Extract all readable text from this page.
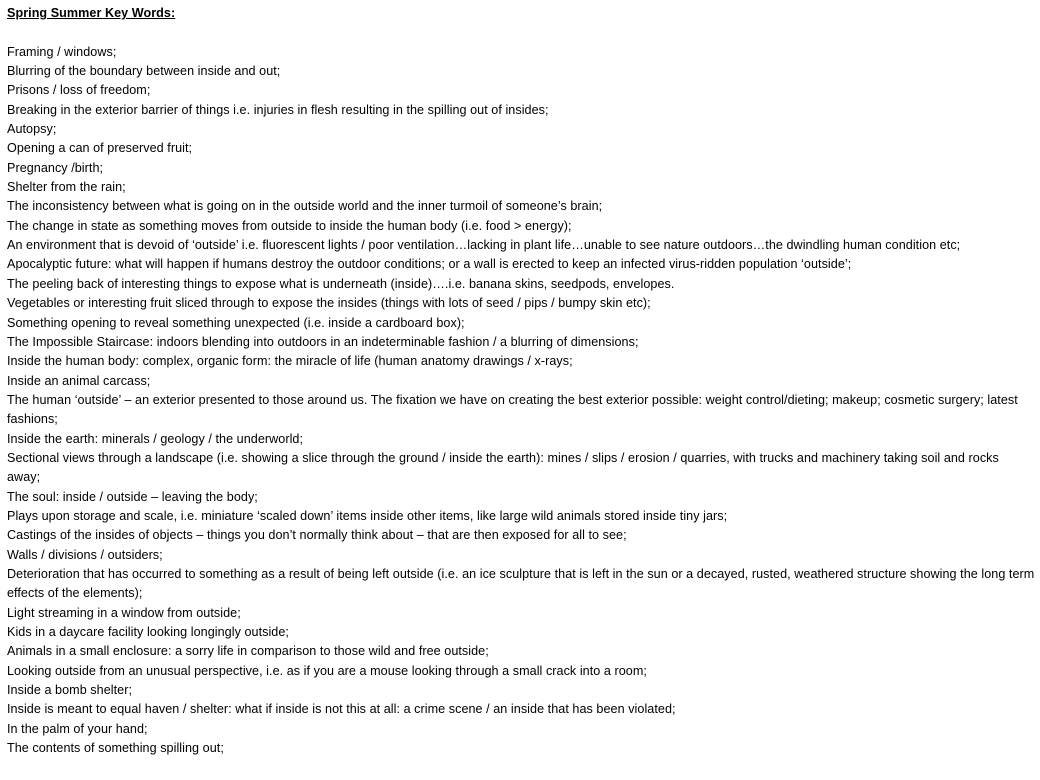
Spring Summer Key Words:

Framing / windows;
Blurring of the boundary between inside and out;
Prisons / loss of freedom;
Breaking in the exterior barrier of things i.e. injuries in flesh resulting in the spilling out of insides;
Autopsy;
Opening a can of preserved fruit;
Pregnancy /birth;
Shelter from the rain;
The inconsistency between what is going on in the outside world and the inner turmoil of someone’s brain;
The change in state as something moves from outside to inside the human body (i.e. food > energy);
An environment that is devoid of ‘outside’ i.e. fluorescent lights / poor ventilation…lacking in plant life…unable to see nature outdoors…the dwindling human condition etc;
Apocalyptic future: what will happen if humans destroy the outdoor conditions; or a wall is erected to keep an infected virus-ridden population ‘outside’;
The peeling back of interesting things to expose what is underneath (inside)….i.e. banana skins, seedpods, envelopes.
Vegetables or interesting fruit sliced through to expose the insides (things with lots of seed / pips / bumpy skin etc);
Something opening to reveal something unexpected (i.e. inside a cardboard box);
The Impossible Staircase: indoors blending into outdoors in an indeterminable fashion / a blurring of dimensions;
Inside the human body: complex, organic form: the miracle of life (human anatomy drawings / x-rays;
Inside an animal carcass;
The human ‘outside’ – an exterior presented to those around us. The fixation we have on creating the best exterior possible: weight control/dieting; makeup; cosmetic surgery; latest fashions;
Inside the earth: minerals / geology / the underworld;
Sectional views through a landscape (i.e. showing a slice through the ground / inside the earth): mines / slips / erosion / quarries, with trucks and machinery taking soil and rocks away;
The soul: inside / outside – leaving the body;
Plays upon storage and scale, i.e. miniature ‘scaled down’ items inside other items, like large wild animals stored inside tiny jars;
Castings of the insides of objects – things you don’t normally think about – that are then exposed for all to see;
Walls / divisions / outsiders;
Deterioration that has occurred to something as a result of being left outside (i.e. an ice sculpture that is left in the sun or a decayed, rusted, weathered structure showing the long term effects of the elements);
Light streaming in a window from outside;
Kids in a daycare facility looking longingly outside;
Animals in a small enclosure: a sorry life in comparison to those wild and free outside;
Looking outside from an unusual perspective, i.e. as if you are a mouse looking through a small crack into a room;
Inside a bomb shelter;
Inside is meant to equal haven / shelter: what if inside is not this at all: a crime scene / an inside that has been violated;
In the palm of your hand;
The contents of something spilling out;
